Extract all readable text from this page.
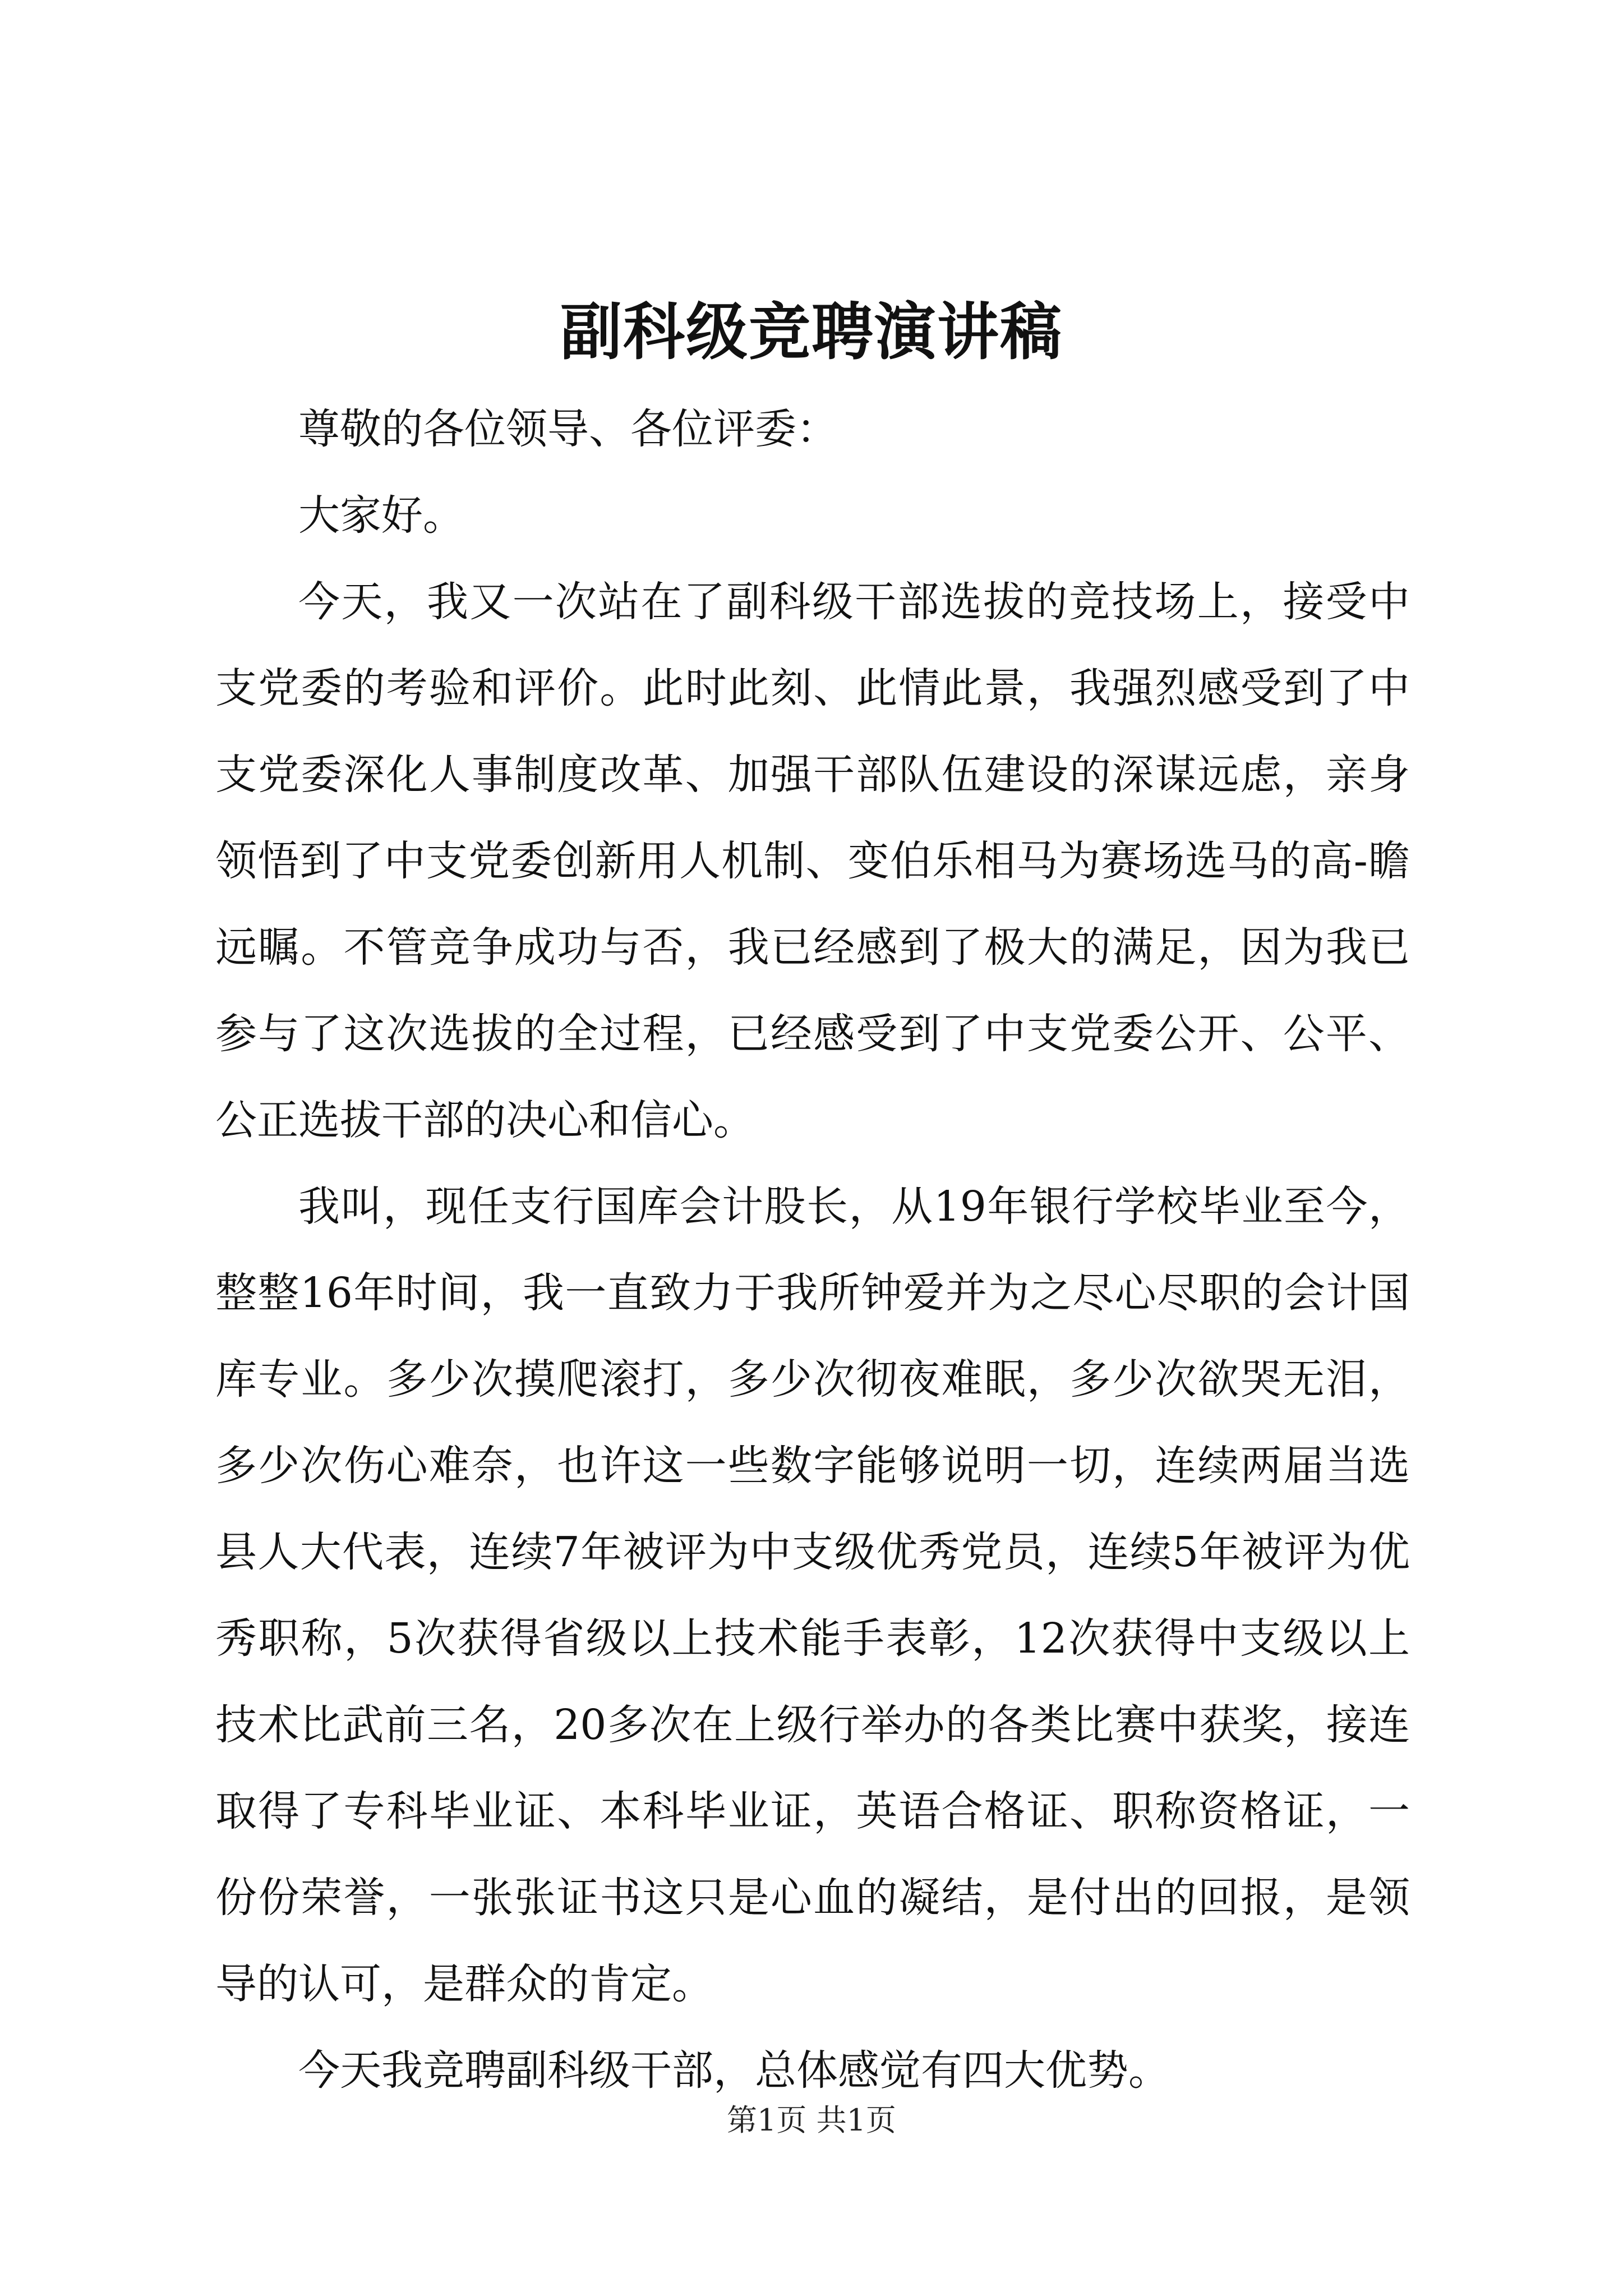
副科级竞聘演讲稿

尊敬的各位领导、各位评委：

大家好。

今天，我又一次站在了副科级干部选拔的竞技场上，接受中支党委的考验和评价。此时此刻、此情此景，我强烈感受到了中支党委深化人事制度改革、加强干部队伍建设的深谋远虑，亲身领悟到了中支党委创新用人机制、变伯乐相马为赛场选马的高-瞻远瞩。不管竞争成功与否，我已经感到了极大的满足，因为我已参与了这次选拔的全过程，已经感受到了中支党委公开、公平、公正选拔干部的决心和信心。

我叫，现任支行国库会计股长，从19年银行学校毕业至今，整整16年时间，我一直致力于我所钟爱并为之尽心尽职的会计国库专业。多少次摸爬滚打，多少次彻夜难眠，多少次欲哭无泪，多少次伤心难奈，也许这一些数字能够说明一切，连续两届当选县人大代表，连续7年被评为中支级优秀党员，连续5年被评为优秀职称，5次获得省级以上技术能手表彰，12次获得中支级以上技术比武前三名，20多次在上级行举办的各类比赛中获奖，接连取得了专科毕业证、本科毕业证，英语合格证、职称资格证，一份份荣誉，一张张证书这只是心血的凝结，是付出的回报，是领导的认可，是群众的肯定。

今天我竞聘副科级干部，总体感觉有四大优势。

第1页 共1页
